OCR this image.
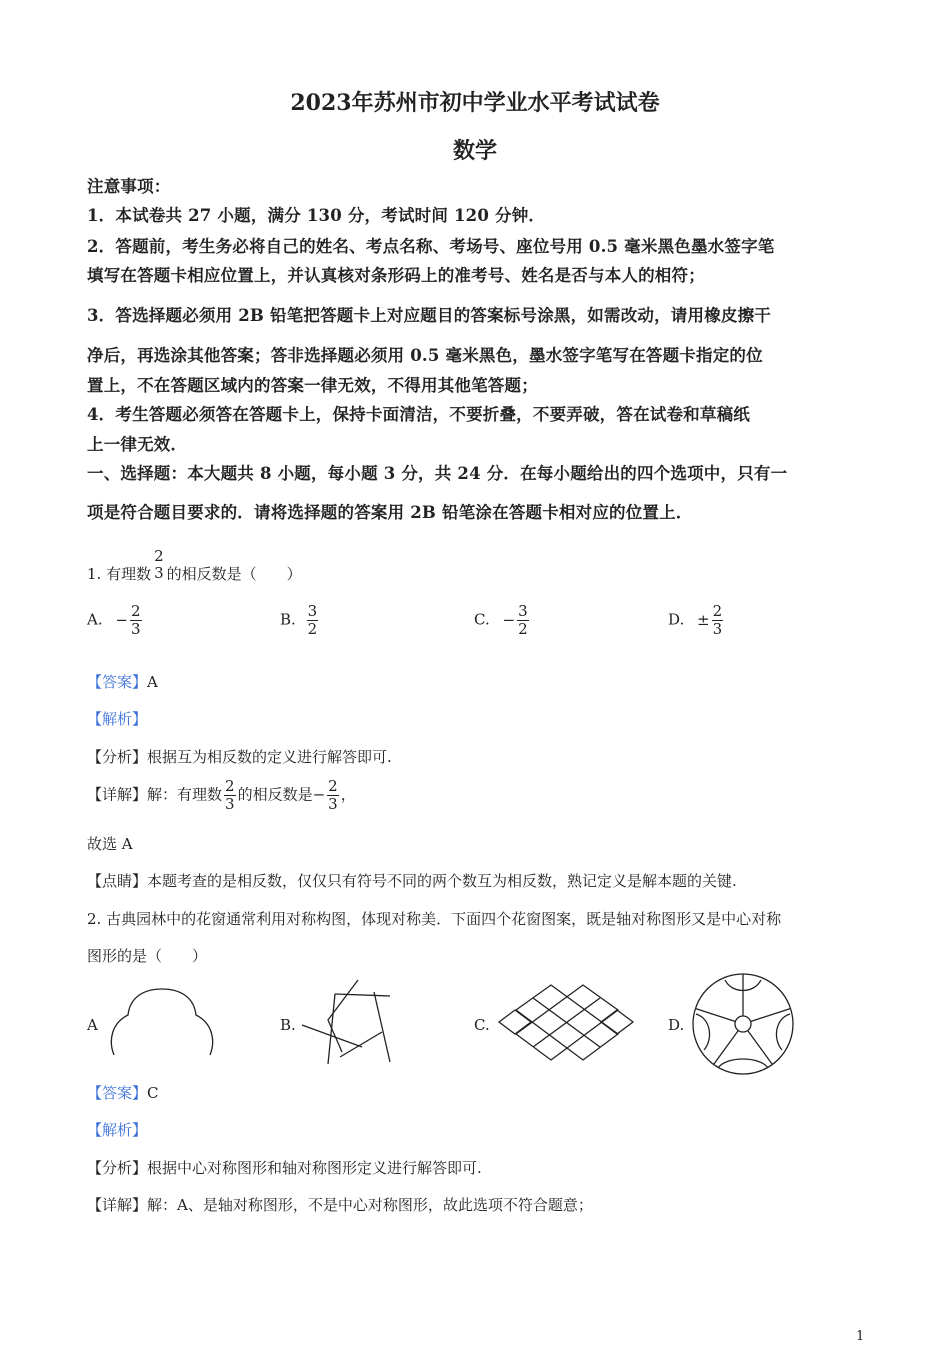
2023年苏州市初中学业水平考试试卷
数学
注意事项：
1．本试卷共 27 小题，满分 130 分，考试时间 120 分钟．
2．答题前，考生务必将自己的姓名、考点名称、考场号、座位号用 0.5 毫米黑色墨水签字笔
填写在答题卡相应位置上，并认真核对条形码上的准考号、姓名是否与本人的相符；
3．答选择题必须用 2B 铅笔把答题卡上对应题目的答案标号涂黑，如需改动，请用橡皮擦干
净后，再选涂其他答案；答非选择题必须用 0.5 毫米黑色，墨水签字笔写在答题卡指定的位
置上，不在答题区域内的答案一律无效，不得用其他笔答题；
4．考生答题必须答在答题卡上，保持卡面清洁，不要折叠，不要弄破，答在试卷和草稿纸
上一律无效．
一、选择题：本大题共 8 小题，每小题 3 分，共 24 分．在每小题给出的四个选项中，只有一
项是符合题目要求的．请将选择题的答案用 2B 铅笔涂在答题卡相对应的位置上．
1. 有理数
2
3 的相反数是（　　）
A. − $\frac{2}{3}$	B. $\frac{3}{2}$	C. − $\frac{3}{2}$	D. ± $\frac{2}{3}$
【答案】A
【解析】
【分析】根据互为相反数的定义进行解答即可.
【详解】解：有理数 $\frac{2}{3}$ 的相反数是− $\frac{2}{3}$ ，
故选 A
【点睛】本题考查的是相反数，仅仅只有符号不同的两个数互为相反数，熟记定义是解本题的关键.
2. 古典园林中的花窗通常利用对称构图，体现对称美．下面四个花窗图案，既是轴对称图形又是中心对称
图形的是（　　）
A	B.	C.	D.
【答案】C
【解析】
【分析】根据中心对称图形和轴对称图形定义进行解答即可.
【详解】解：A、是轴对称图形，不是中心对称图形，故此选项不符合题意；
1
